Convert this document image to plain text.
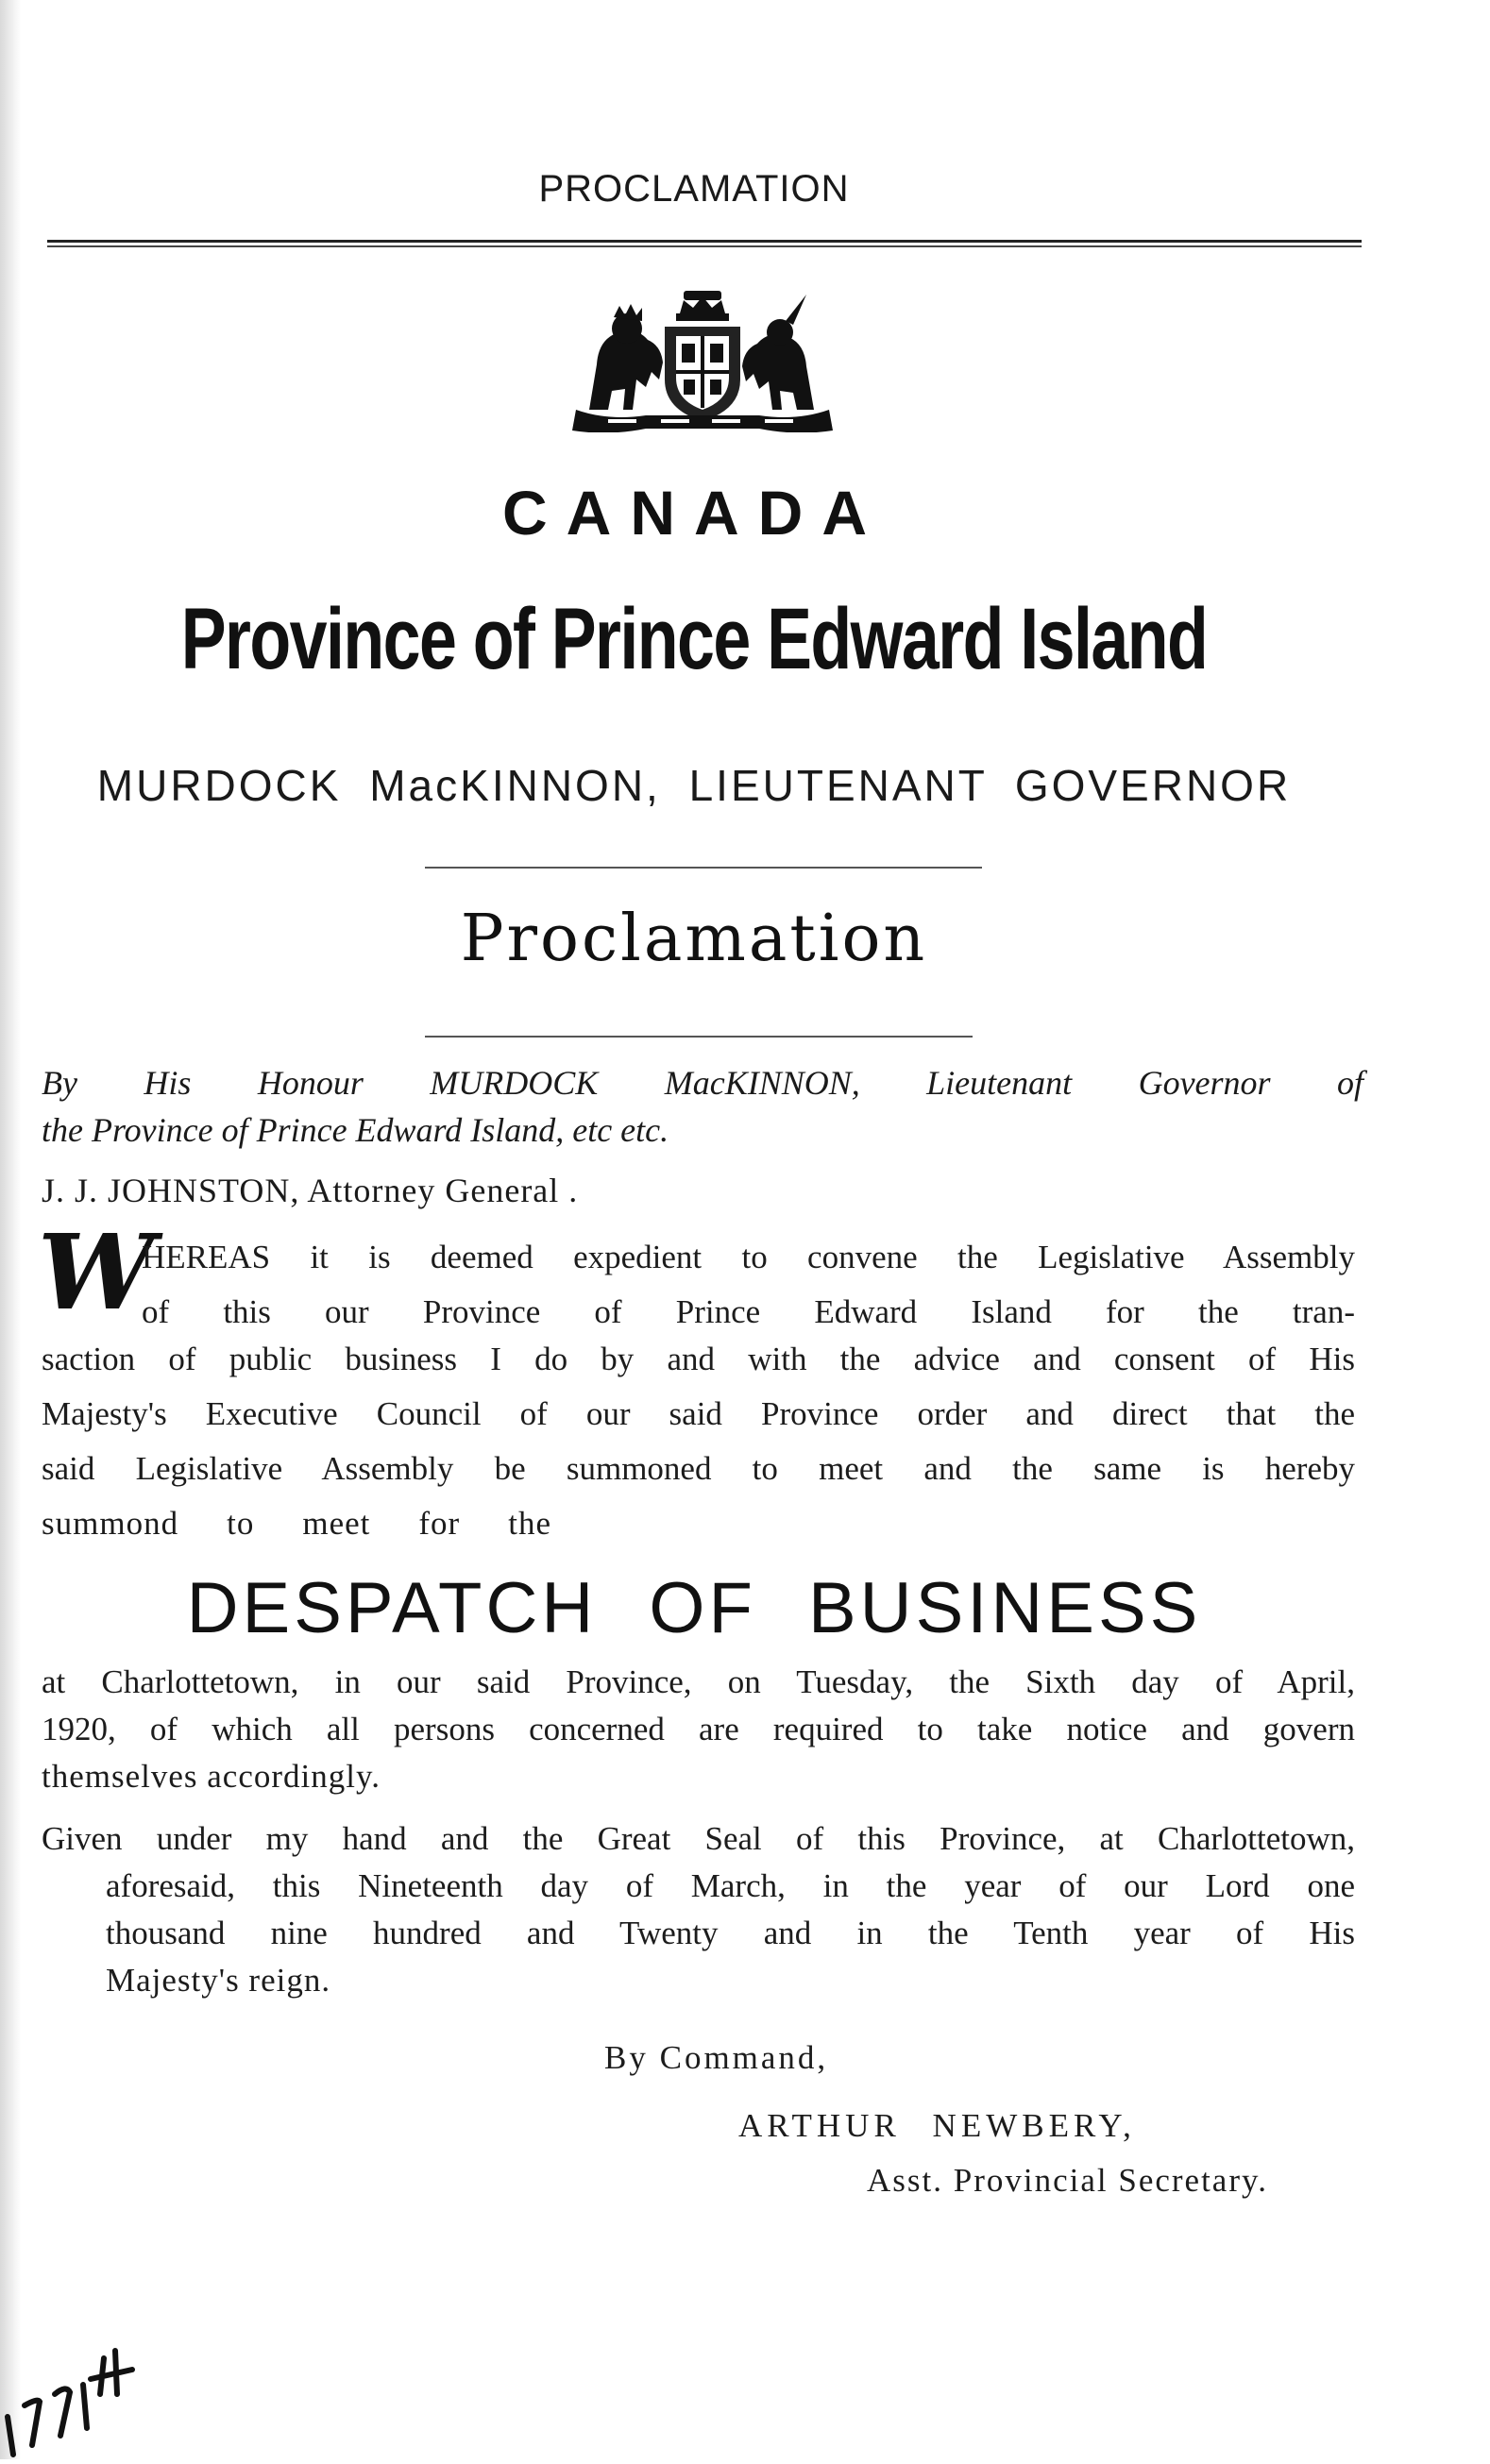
PROCLAMATION
CANADA
Province of Prince Edward Island
MURDOCK MacKINNON, LIEUTENANT GOVERNOR
Proclamation
By His Honour MURDOCK MacKINNON, Lieutenant Governor of
the Province of Prince Edward Island, etc etc.
J. J. JOHNSTON, Attorney General .
W
HEREAS it is deemed expedient to convene the Legislative Assembly
of this our Province of Prince Edward Island for the tran-
saction of public business I do by and with the advice and consent of His
Majesty's Executive Council of our said Province order and direct that the
said Legislative Assembly be summoned to meet and the same is hereby
summond to meet for the
DESPATCH OF BUSINESS
at Charlottetown, in our said Province, on Tuesday, the Sixth day of April,
1920, of which all persons concerned are required to take notice and govern
themselves accordingly.
Given under my hand and the Great Seal of this Province, at Charlottetown,
aforesaid, this Nineteenth day of March, in the year of our Lord one
thousand nine hundred and Twenty and in the Tenth year of His
Majesty's reign.
By Command,
ARTHUR NEWBERY,
Asst. Provincial Secretary.
